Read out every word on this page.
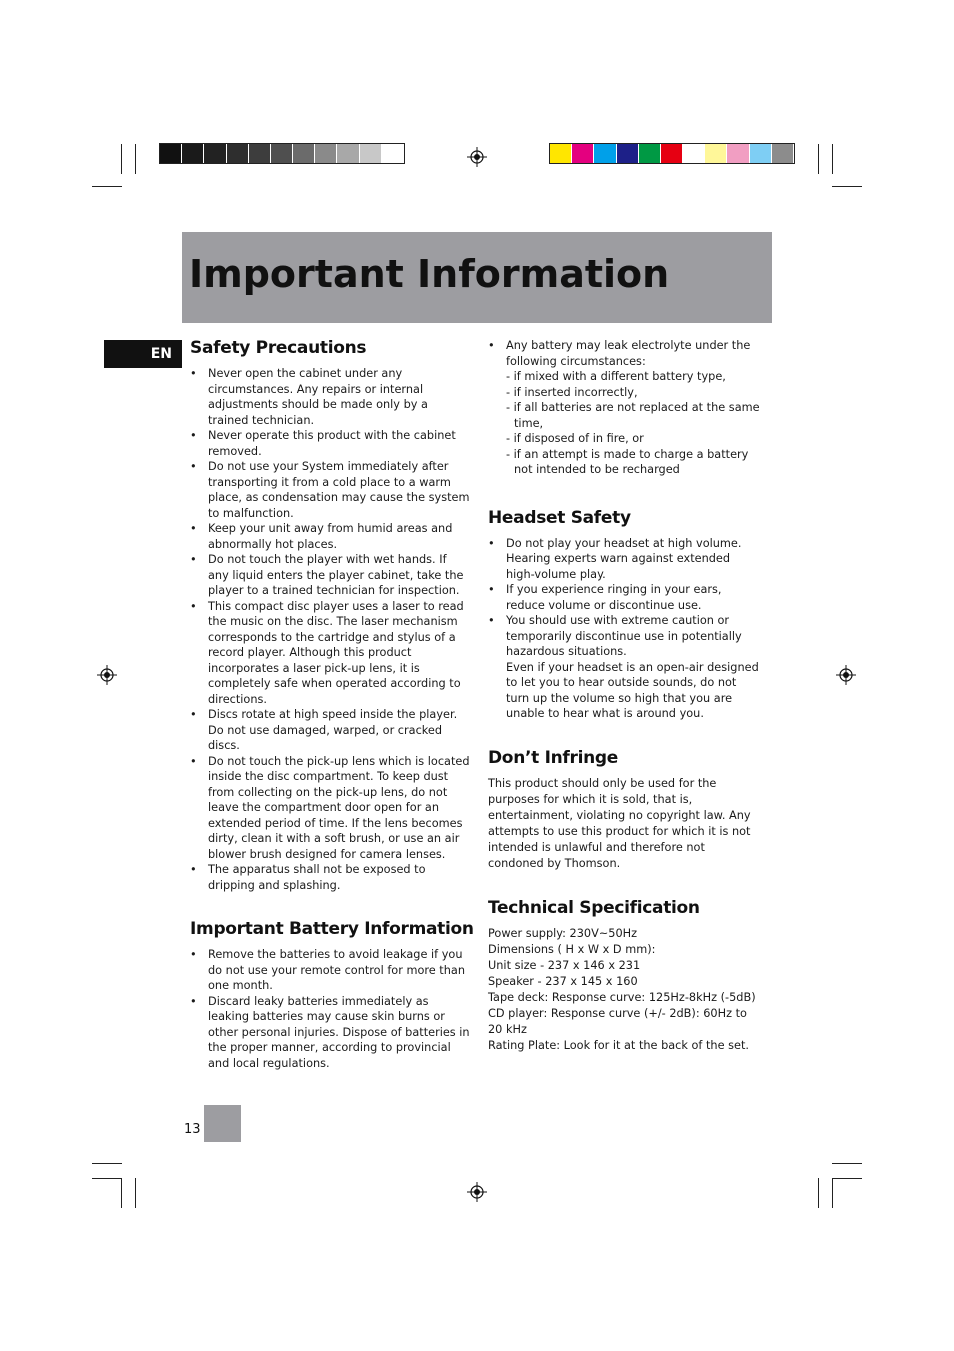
Important Information
EN	Safety Precautions
• Never open the cabinet under any circumstances. Any repairs or internal adjustments should be made only by a trained technician.
• Never operate this product with the cabinet removed.
• Do not use your System immediately after transporting it from a cold place to a warm place, as condensation may cause the system to malfunction.
• Keep your unit away from humid areas and abnormally hot places.
• Do not touch the player with wet hands. If any liquid enters the player cabinet, take the player to a trained technician for inspection.
• This compact disc player uses a laser to read the music on the disc. The laser mechanism corresponds to the cartridge and stylus of a record player. Although this product incorporates a laser pick-up lens, it is completely safe when operated according to directions.
• Discs rotate at high speed inside the player. Do not use damaged, warped, or cracked discs.
• Do not touch the pick-up lens which is located inside the disc compartment. To keep dust from collecting on the pick-up lens, do not leave the compartment door open for an extended period of time. If the lens becomes dirty, clean it with a soft brush, or use an air blower brush designed for camera lenses.
• The apparatus shall not be exposed to dripping and splashing.
Important Battery Information
• Remove the batteries to avoid leakage if you do not use your remote control for more than one month.
• Discard leaky batteries immediately as leaking batteries may cause skin burns or other personal injuries. Dispose of batteries in the proper manner, according to provincial and local regulations.
• Any battery may leak electrolyte under the following circumstances:
- if mixed with a different battery type,
- if inserted incorrectly,
- if all batteries are not replaced at the same
time,
- if disposed of in fire, or
- if an attempt is made to charge a battery
not intended to be recharged
Headset Safety
• Do not play your headset at high volume. Hearing experts warn against extended high-volume play.
• If you experience ringing in your ears, reduce volume or discontinue use.
• You should use with extreme caution or temporarily discontinue use in potentially hazardous situations.
Even if your headset is an open-air designed to let you to hear outside sounds, do not turn up the volume so high that you are unable to hear what is around you.
Don’t Infringe

This product should only be used for the purposes for which it is sold, that is, entertainment, violating no copyright law. Any attempts to use this product for which it is not intended is unlawful and therefore not condoned by Thomson.

Technical Specification

Power supply: 230V~50Hz
Dimensions ( H x W x D mm):
Unit size - 237 x 146 x 231
Speaker - 237 x 145 x 160
Tape deck: Response curve: 125Hz-8kHz (-5dB)
CD player: Response curve (+/- 2dB): 60Hz to
20 kHz
Rating Plate: Look for it at the back of the set.

13
